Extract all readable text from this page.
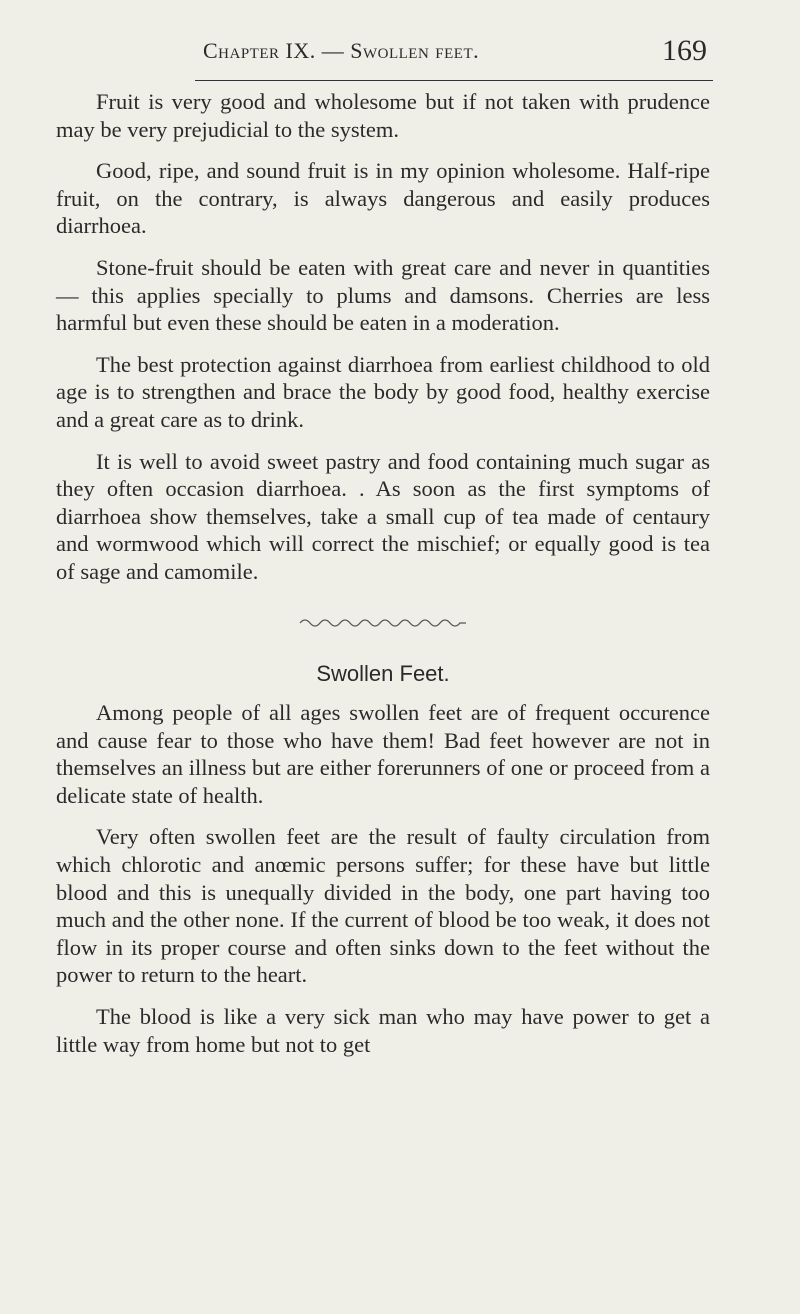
Chapter IX. — Swollen feet.	169

Fruit is very good and wholesome but if not taken with prudence may be very prejudicial to the system.

Good, ripe, and sound fruit is in my opinion wholesome. Half-ripe fruit, on the contrary, is always dangerous and easily produces diarrhoea.

Stone-fruit should be eaten with great care and never in quantities — this applies specially to plums and damsons. Cherries are less harmful but even these should be eaten in a moderation.

The best protection against diarrhoea from earliest childhood to old age is to strengthen and brace the body by good food, healthy exercise and a great care as to drink.

It is well to avoid sweet pastry and food containing much sugar as they often occasion diarrhoea. . As soon as the first symptoms of diarrhoea show themselves, take a small cup of tea made of centaury and wormwood which will correct the mischief; or equally good is tea of sage and camomile.

Swollen Feet.

Among people of all ages swollen feet are of frequent occurence and cause fear to those who have them! Bad feet however are not in themselves an illness but are either forerunners of one or proceed from a delicate state of health.

Very often swollen feet are the result of faulty circulation from which chlorotic and anœmic persons suffer; for these have but little blood and this is unequally divided in the body, one part having too much and the other none. If the current of blood be too weak, it does not flow in its proper course and often sinks down to the feet without the power to return to the heart.

The blood is like a very sick man who may have power to get a little way from home but not to get
